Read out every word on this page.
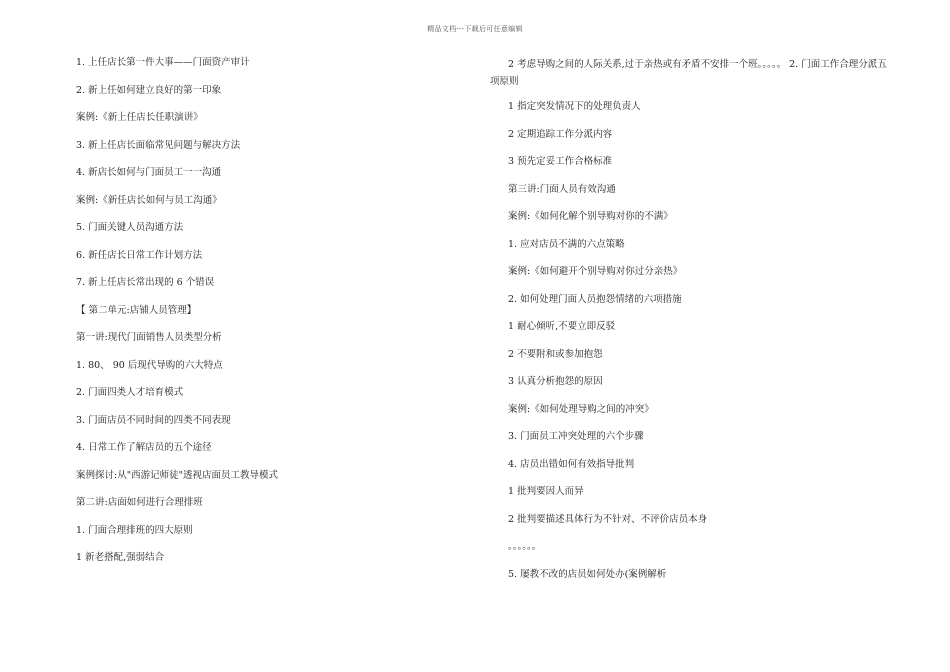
精品文档---下载后可任意编辑

1. 上任店长第一件大事——门面资产审计

2. 新上任如何建立良好的第一印象

案例:《新上任店长任职演讲》

3. 新上任店长面临常见问题与解决方法

4. 新店长如何与门面员工一一沟通

案例:《新任店长如何与员工沟通》

5. 门面关键人员沟通方法

6. 新任店长日常工作计划方法

7. 新上任店长常出现的 6 个错误

【 第二单元:店铺人员管理】

第一讲:现代门面销售人员类型分析

1. 80、 90 后现代导购的六大特点

2. 门面四类人才培育模式

3. 门面店员不同时间的四类不同表现

4. 日常工作了解店员的五个途径

案例探讨:从"西游记师徒"透视店面员工教导模式

第二讲:店面如何进行合理排班

1. 门面合理排班的四大原则

1 新老搭配,强弱结合

2 考虑导购之间的人际关系,过于亲热或有矛盾不安排一个班。。。。。 2. 门面工作合理分派五项原则

1 指定突发情况下的处理负责人

2 定期追踪工作分派内容

3 预先定妥工作合格标准

第三讲:门面人员有效沟通

案例:《如何化解个别导购对你的不满》

1. 应对店员不满的六点策略

案例:《如何避开个别导购对你过分亲热》

2. 如何处理门面人员抱怨情绪的六项措施

1 耐心倾听,不要立即反驳

2 不要附和或参加抱怨

3 认真分析抱怨的原因

案例:《如何处理导购之间的冲突》

3. 门面员工冲突处理的六个步骤

4. 店员出错如何有效指导批判

1 批判要因人而异

2 批判要描述具体行为不针对、不评价店员本身

。。。。。。

5. 屡教不改的店员如何处办(案例解析
